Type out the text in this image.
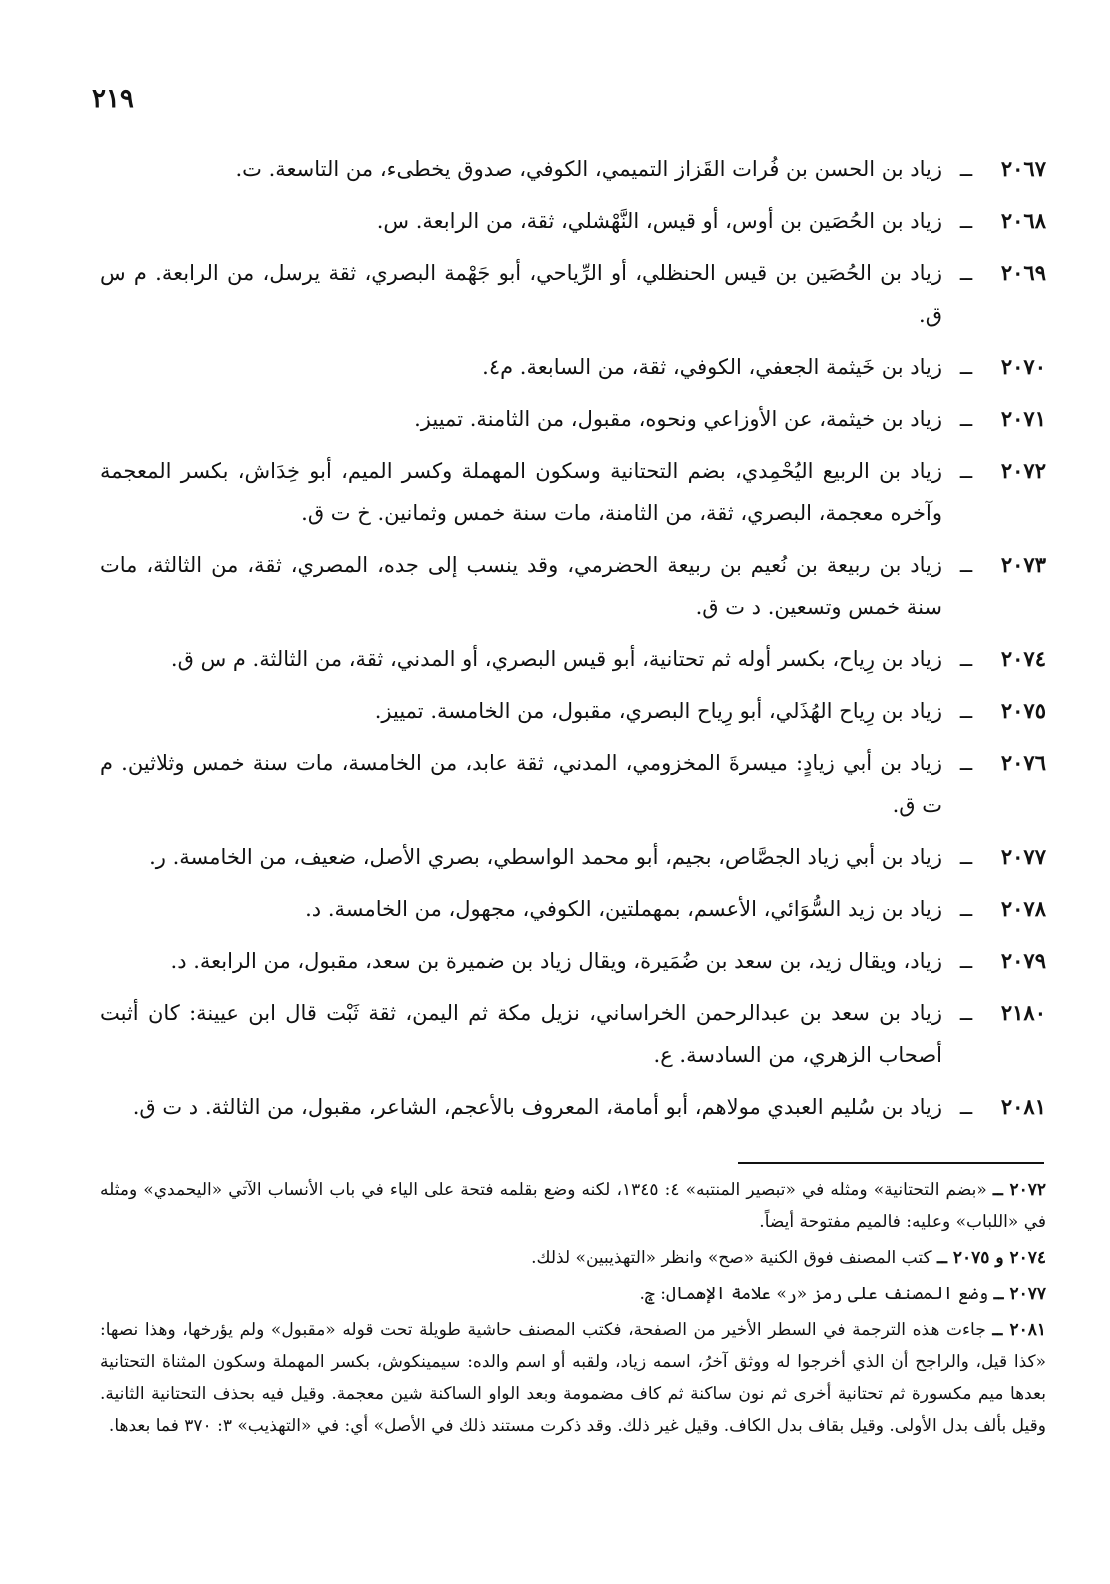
٢١٩
٢٠٦٧
ــ
زياد بن الحسن بن فُرات القَزاز التميمي، الكوفي، صدوق يخطىء، من التاسعة. ت.
٢٠٦٨
ــ
زياد بن الحُصَين بن أوس، أو قيس، النَّهْشلي، ثقة، من الرابعة. س.
٢٠٦٩
ــ
زياد بن الحُصَين بن قيس الحنظلي، أو الرِّياحي، أبو جَهْمة البصري، ثقة يرسل، من الرابعة. م س ق.
٢٠٧٠
ــ
زياد بن خَيثمة الجعفي، الكوفي، ثقة، من السابعة. م٤.
٢٠٧١
ــ
زياد بن خيثمة، عن الأوزاعي ونحوه، مقبول، من الثامنة. تمييز.
٢٠٧٢
ــ
زياد بن الربيع اليُحْمِدي، بضم التحتانية وسكون المهملة وكسر الميم، أبو خِدَاش، بكسر المعجمة وآخره معجمة، البصري، ثقة، من الثامنة، مات سنة خمس وثمانين. خ ت ق.
٢٠٧٣
ــ
زياد بن ربيعة بن نُعيم بن ربيعة الحضرمي، وقد ينسب إلى جده، المصري، ثقة، من الثالثة، مات سنة خمس وتسعين. د ت ق.
٢٠٧٤
ــ
زياد بن رِياح، بكسر أوله ثم تحتانية، أبو قيس البصري، أو المدني، ثقة، من الثالثة. م س ق.
٢٠٧٥
ــ
زياد بن رِياح الهُذَلي، أبو رِياح البصري، مقبول، من الخامسة. تمييز.
٢٠٧٦
ــ
زياد بن أبي زيادٍ: ميسرةَ المخزومي، المدني، ثقة عابد، من الخامسة، مات سنة خمس وثلاثين. م ت ق.
٢٠٧٧
ــ
زياد بن أبي زياد الجصَّاص، بجيم، أبو محمد الواسطي، بصري الأصل، ضعيف، من الخامسة. ر.
٢٠٧٨
ــ
زياد بن زيد السُّوَائي، الأعسم، بمهملتين، الكوفي، مجهول، من الخامسة. د.
٢٠٧٩
ــ
زياد، ويقال زيد، بن سعد بن ضُمَيرة، ويقال زياد بن ضميرة بن سعد، مقبول، من الرابعة. د.
٢١٨٠
ــ
زياد بن سعد بن عبدالرحمن الخراساني، نزيل مكة ثم اليمن، ثقة ثَبْت قال ابن عيينة: كان أثبت أصحاب الزهري، من السادسة. ع.
٢٠٨١
ــ
زياد بن سُليم العبدي مولاهم، أبو أمامة، المعروف بالأعجم، الشاعر، مقبول، من الثالثة. د ت ق.
٢٠٧٢ ــ «بضم التحتانية» ومثله في «تبصير المنتبه» ٤: ١٣٤٥، لكنه وضع بقلمه فتحة على الياء في باب الأنساب الآتي «اليحمدي» ومثله في «اللباب» وعليه: فالميم مفتوحة أيضاً.
٢٠٧٤ و ٢٠٧٥ ــ كتب المصنف فوق الكنية «صح» وانظر «التهذيبين» لذلك.
٢٠٧٧ ــ وضع المصنف على رمز «ر» علامة الإهمال: ݘ.
٢٠٨١ ــ جاءت هذه الترجمة في السطر الأخير من الصفحة، فكتب المصنف حاشية طويلة تحت قوله «مقبول» ولم يؤرخها، وهذا نصها: «كذا قيل، والراجح أن الذي أخرجوا له ووثق آخرُ، اسمه زياد، ولقبه أو اسم والده: سيمينكوش، بكسر المهملة وسكون المثناة التحتانية بعدها ميم مكسورة ثم تحتانية أخرى ثم نون ساكنة ثم كاف مضمومة وبعد الواو الساكنة شين معجمة. وقيل فيه بحذف التحتانية الثانية. وقيل بألف بدل الأولى. وقيل بقاف بدل الكاف. وقيل غير ذلك. وقد ذكرت مستند ذلك في الأصل» أي: في «التهذيب» ٣: ٣٧٠ فما بعدها.
